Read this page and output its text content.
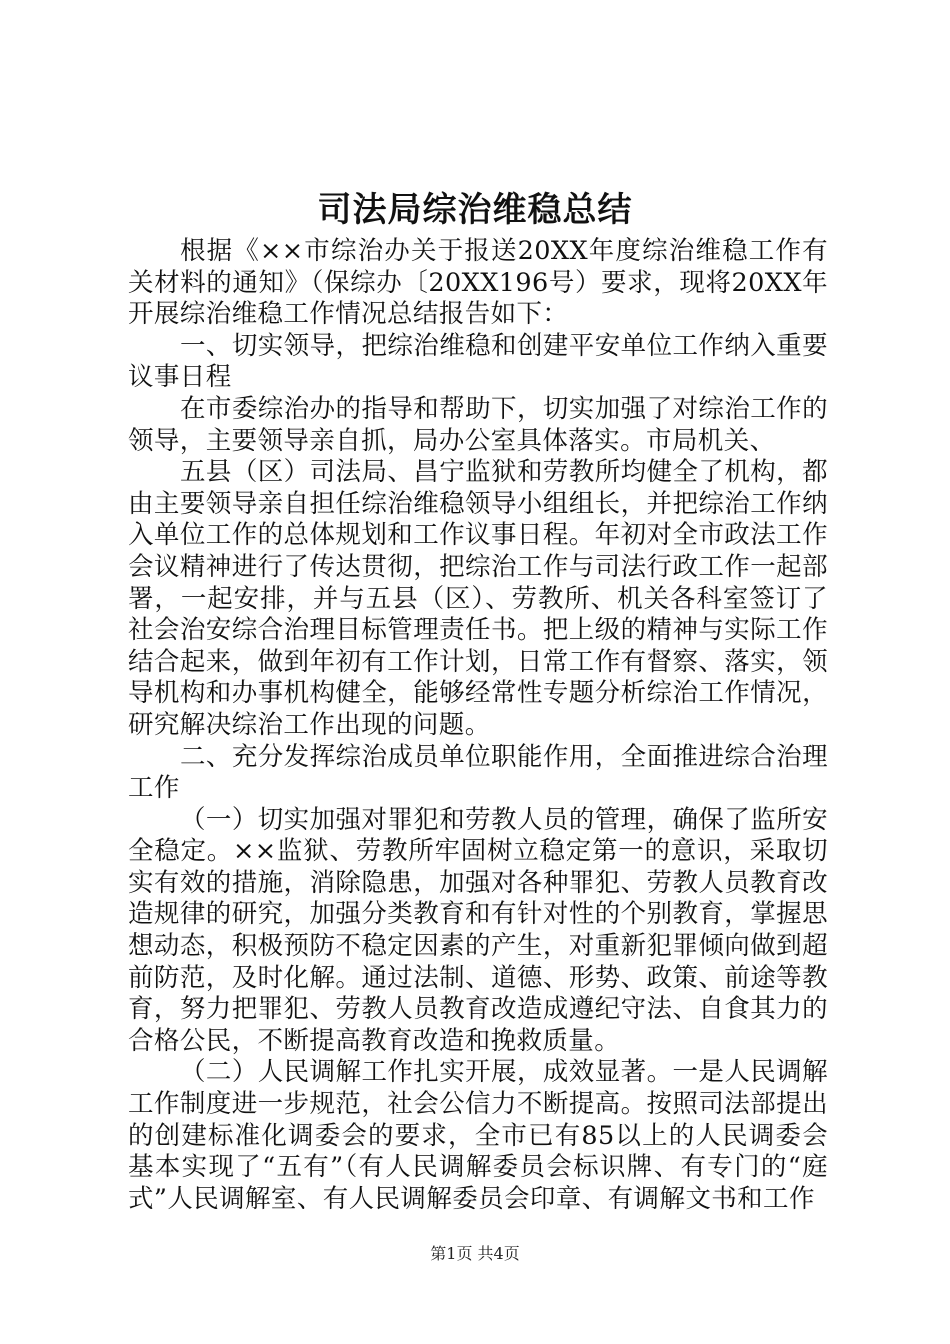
司法局综治维稳总结

根据《××市综治办关于报送20XX年度综治维稳工作有关材料的通知》（保综办〔20XX196号）要求，现将20XX年开展综治维稳工作情况总结报告如下：

一、切实领导，把综治维稳和创建平安单位工作纳入重要议事日程

在市委综治办的指导和帮助下，切实加强了对综治工作的领导，主要领导亲自抓，局办公室具体落实。市局机关、

五县（区）司法局、昌宁监狱和劳教所均健全了机构，都由主要领导亲自担任综治维稳领导小组组长，并把综治工作纳入单位工作的总体规划和工作议事日程。年初对全市政法工作会议精神进行了传达贯彻，把综治工作与司法行政工作一起部署，一起安排，并与五县（区）、劳教所、机关各科室签订了社会治安综合治理目标管理责任书。把上级的精神与实际工作结合起来，做到年初有工作计划，日常工作有督察、落实，领导机构和办事机构健全，能够经常性专题分析综治工作情况，研究解决综治工作出现的问题。

二、充分发挥综治成员单位职能作用，全面推进综合治理工作

（一）切实加强对罪犯和劳教人员的管理，确保了监所安全稳定。××监狱、劳教所牢固树立稳定第一的意识，采取切实有效的措施，消除隐患，加强对各种罪犯、劳教人员教育改造规律的研究，加强分类教育和有针对性的个别教育，掌握思想动态，积极预防不稳定因素的产生，对重新犯罪倾向做到超前防范，及时化解。通过法制、道德、形势、政策、前途等教育，努力把罪犯、劳教人员教育改造成遵纪守法、自食其力的合格公民，不断提高教育改造和挽救质量。

（二）人民调解工作扎实开展，成效显著。一是人民调解工作制度进一步规范，社会公信力不断提高。按照司法部提出的创建标准化调委会的要求，全市已有85以上的人民调委会基本实现了“五有”（有人民调解委员会标识牌、有专门的“庭式”人民调解室、有人民调解委员会印章、有调解文书和工作

第1页 共4页
